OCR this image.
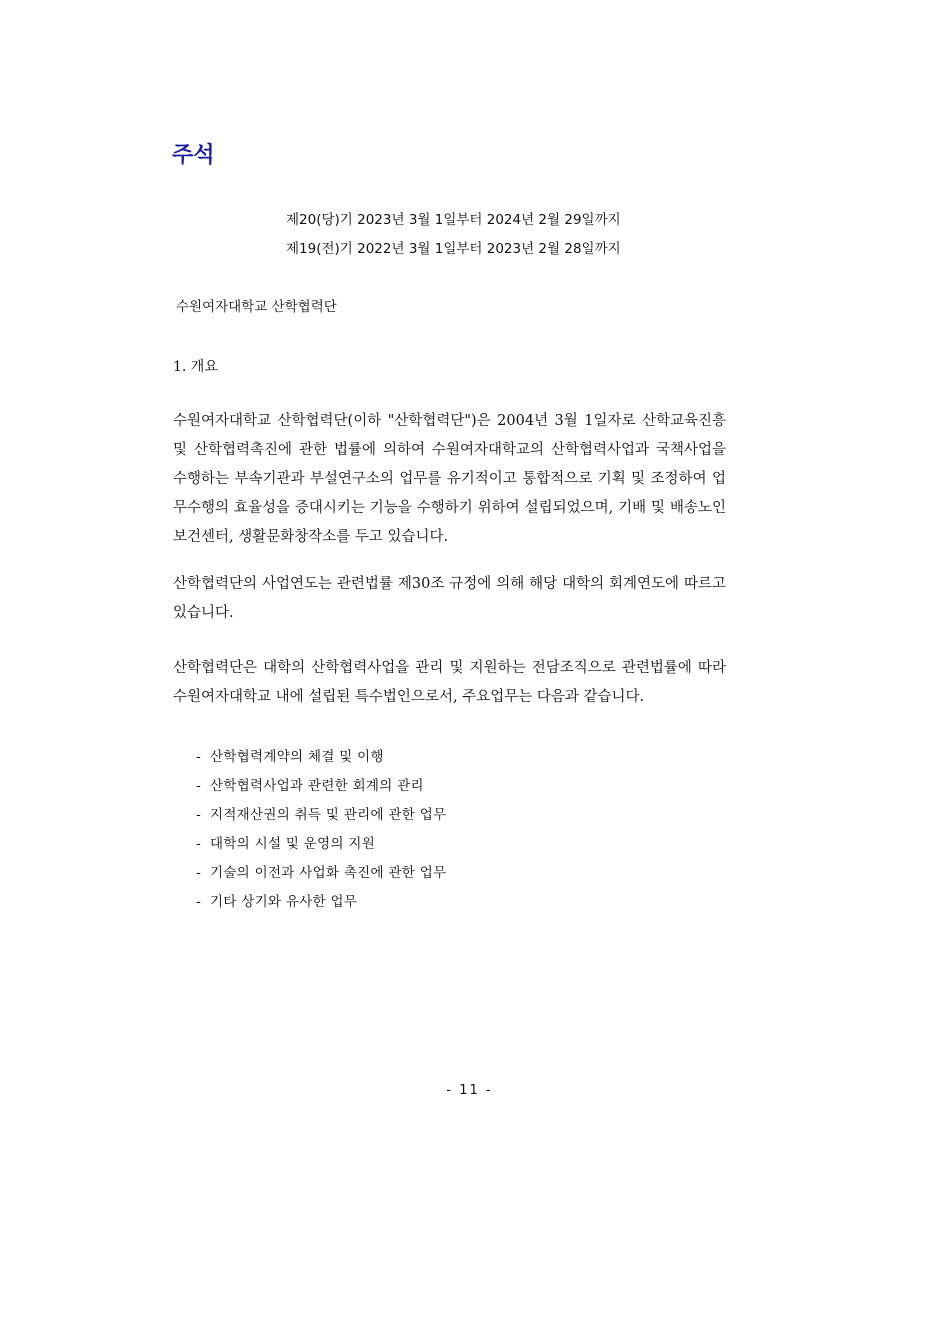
주석
제20(당)기 2023년 3월 1일부터 2024년 2월 29일까지
제19(전)기 2022년 3월 1일부터 2023년 2월 28일까지
수원여자대학교 산학협력단
1. 개요

수원여자대학교 산학협력단(이하 "산학협력단")은 2004년 3월 1일자로 산학교육진흥 및 산학협력촉진에 관한 법률에 의하여 수원여자대학교의 산학협력사업과 국책사업을 수행하는 부속기관과 부설연구소의 업무를 유기적이고 통합적으로 기획 및 조정하여 업무수행의 효율성을 증대시키는 기능을 수행하기 위하여 설립되었으며, 기배 및 배송노인보건센터, 생활문화창작소를 두고 있습니다.

산학협력단의 사업연도는 관련법률 제30조 규정에 의해 해당 대학의 회계연도에 따르고 있습니다.

산학협력단은 대학의 산학협력사업을 관리 및 지원하는 전담조직으로 관련법률에 따라 수원여자대학교 내에 설립된 특수법인으로서, 주요업무는 다음과 같습니다.

- 산학협력계약의 체결 및 이행
- 산학협력사업과 관련한 회계의 관리
- 지적재산권의 취득 및 관리에 관한 업무
- 대학의 시설 및 운영의 지원
- 기술의 이전과 사업화 촉진에 관한 업무
- 기타 상기와 유사한 업무
- 11 -
